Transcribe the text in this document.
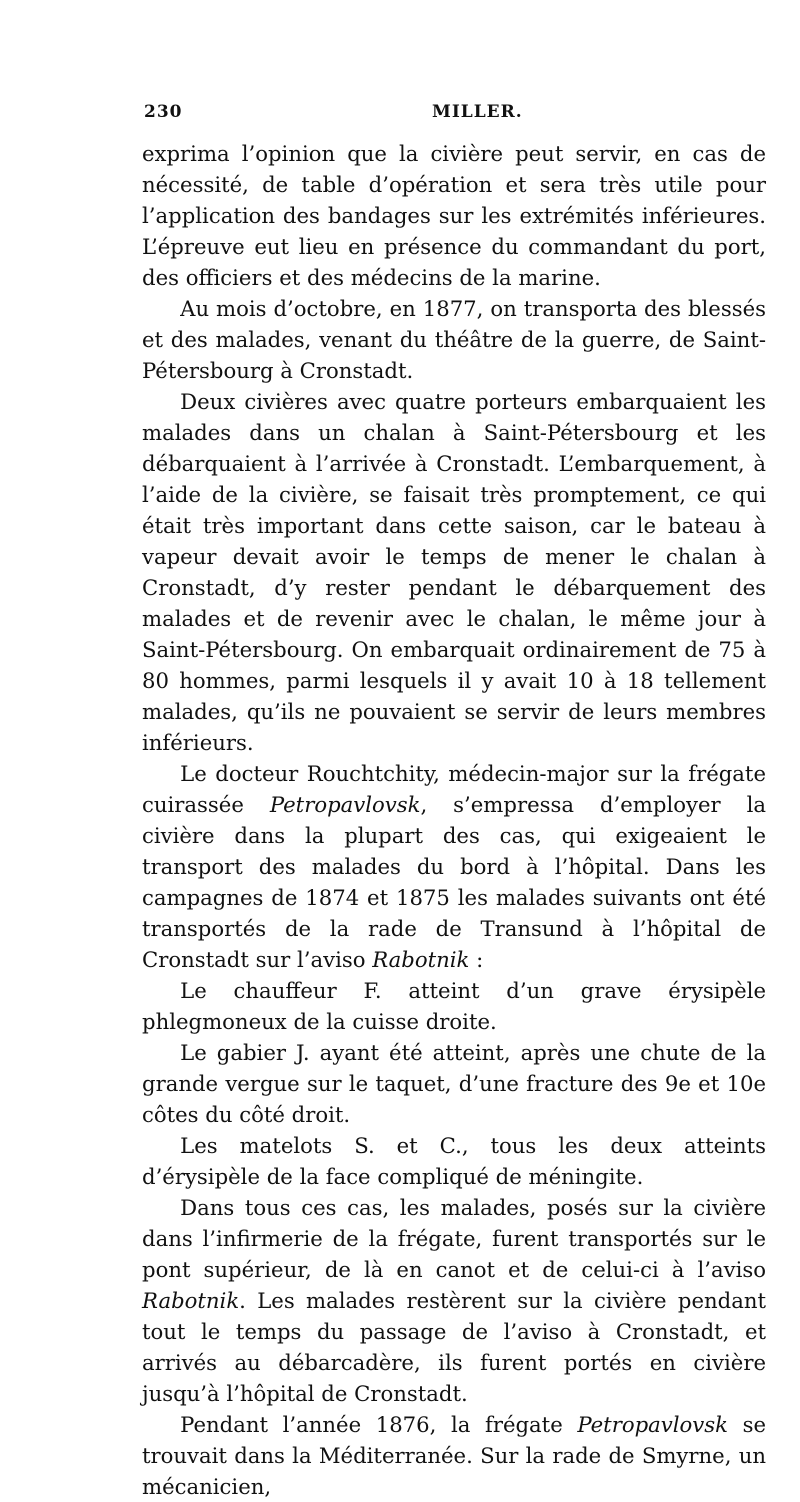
230	MILLER.

exprima l’opinion que la civière peut servir, en cas de nécessité, de table d’opération et sera très utile pour l’application des bandages sur les extrémités inférieures. L’épreuve eut lieu en présence du commandant du port, des officiers et des médecins de la marine.

Au mois d’octobre, en 1877, on transporta des blessés et des malades, venant du théâtre de la guerre, de Saint-Pétersbourg à Cronstadt.

Deux civières avec quatre porteurs embarquaient les malades dans un chalan à Saint-Pétersbourg et les débarquaient à l’arrivée à Cronstadt. L’embarquement, à l’aide de la civière, se faisait très promptement, ce qui était très important dans cette saison, car le bateau à vapeur devait avoir le temps de mener le chalan à Cronstadt, d’y rester pendant le débarquement des malades et de revenir avec le chalan, le même jour à Saint-Pétersbourg. On embarquait ordinairement de 75 à 80 hommes, parmi lesquels il y avait 10 à 18 tellement malades, qu’ils ne pouvaient se servir de leurs membres inférieurs.

Le docteur Rouchtchity, médecin-major sur la frégate cuirassée Petropavlovsk, s’empressa d’employer la civière dans la plupart des cas, qui exigeaient le transport des malades du bord à l’hôpital. Dans les campagnes de 1874 et 1875 les malades suivants ont été transportés de la rade de Transund à l’hôpital de Cronstadt sur l’aviso Rabotnik :

Le chauffeur F. atteint d’un grave érysipèle phlegmoneux de la cuisse droite.

Le gabier J. ayant été atteint, après une chute de la grande vergue sur le taquet, d’une fracture des 9e et 10e côtes du côté droit.

Les matelots S. et C., tous les deux atteints d’érysipèle de la face compliqué de méningite.

Dans tous ces cas, les malades, posés sur la civière dans l’infirmerie de la frégate, furent transportés sur le pont supérieur, de là en canot et de celui-ci à l’aviso Rabotnik. Les malades restèrent sur la civière pendant tout le temps du passage de l’aviso à Cronstadt, et arrivés au débarcadère, ils furent portés en civière jusqu’à l’hôpital de Cronstadt.

Pendant l’année 1876, la frégate Petropavlovsk se trouvait dans la Méditerranée. Sur la rade de Smyrne, un mécanicien,
